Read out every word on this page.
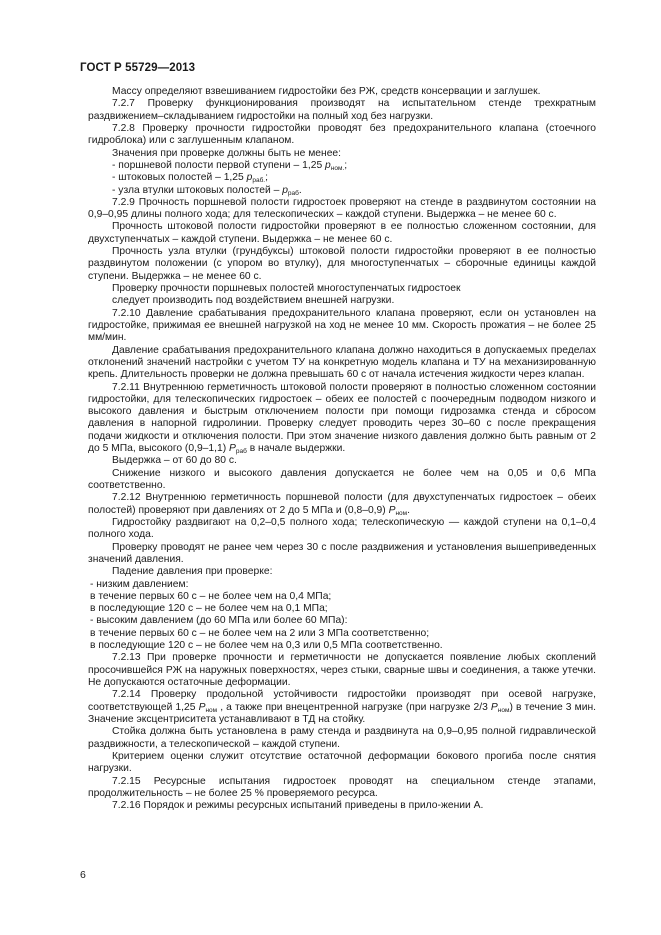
ГОСТ Р 55729—2013

Массу определяют взвешиванием гидростойки без РЖ, средств консервации и заглушек.

7.2.7 Проверку функционирования производят на испытательном стенде трехкратным раздвижением–складыванием гидростойки на полный ход без нагрузки.

7.2.8 Проверку прочности гидростойки проводят без предохранительного клапана (стоечного гидроблока) или с заглушенным клапаном.

Значения при проверке должны быть не менее:

- поршневой полости первой ступени – 1,25 $p_{ном.}$;

- штоковых полостей – 1,25 $p_{раб.}$;

- узла втулки штоковых полостей – $p_{раб}$.

7.2.9 Прочность поршневой полости гидростоек проверяют на стенде в раздвинутом состоянии на 0,9–0,95 длины полного хода; для телескопических – каждой ступени. Выдержка – не менее 60 с.

Прочность штоковой полости гидростойки проверяют в ее полностью сложенном состоянии, для двухступенчатых – каждой ступени. Выдержка – не менее 60 с.

Прочность узла втулки (грундбуксы) штоковой полости гидростойки проверяют в ее полностью раздвинутом положении (с упором во втулку), для многоступенчатых – сборочные единицы каждой ступени. Выдержка – не менее 60 с.

Проверку прочности поршневых полостей многоступенчатых гидростоек

следует производить под воздействием внешней нагрузки.

7.2.10 Давление срабатывания предохранительного клапана проверяют, если он установлен на гидростойке, прижимая ее внешней нагрузкой на ход не менее 10 мм. Скорость прожатия – не более 25 мм/мин.

Давление срабатывания предохранительного клапана должно находиться в допускаемых пределах отклонений значений настройки с учетом ТУ на конкретную модель клапана и ТУ на механизированную крепь. Длительность проверки не должна превышать 60 с от начала истечения жидкости через клапан.

7.2.11 Внутреннюю герметичность штоковой полости проверяют в полностью сложенном состоянии гидростойки, для телескопических гидростоек – обеих ее полостей с поочередным подводом низкого и высокого давления и быстрым отключением полости при помощи гидрозамка стенда и сбросом давления в напорной гидролинии. Проверку следует проводить через 30–60 с после прекращения подачи жидкости и отключения полости. При этом значение низкого давления должно быть равным от 2 до 5 МПа, высокого (0,9–1,1) $P_{раб}$ в начале выдержки.

Выдержка – от 60 до 80 с.

Снижение низкого и высокого давления допускается не более чем на 0,05 и 0,6 МПа соответственно.

7.2.12 Внутреннюю герметичность поршневой полости (для двухступенчатых гидростоек – обеих полостей) проверяют при давлениях от 2 до 5 МПа и (0,8–0,9) $P_{ном}$.

Гидростойку раздвигают на 0,2–0,5 полного хода; телескопическую — каждой ступени на 0,1–0,4 полного хода.

Проверку проводят не ранее чем через 30 с после раздвижения и установления вышеприведенных значений давления.

Падение давления при проверке:

- низким давлением:

в течение первых 60 с – не более чем на 0,4 МПа;

в последующие 120 с – не более чем на 0,1 МПа;

- высоким давлением (до 60 МПа или более 60 МПа):

в течение первых 60 с – не более чем на 2 или 3 МПа соответственно;

в последующие 120 с – не более чем на 0,3 или 0,5 МПа соответственно.

7.2.13 При проверке прочности и герметичности не допускается появление любых скоплений просочившейся РЖ на наружных поверхностях, через стыки, сварные швы и соединения, а также утечки. Не допускаются остаточные деформации.

7.2.14 Проверку продольной устойчивости гидростойки производят при осевой нагрузке, соответствующей 1,25 $P_{ном}$ , а также при внецентренной нагрузке (при нагрузке 2/3 $P_{ном}$) в течение 3 мин. Значение эксцентриситета устанавливают в ТД на стойку.

Стойка должна быть установлена в раму стенда и раздвинута на 0,9–0,95 полной гидравлической раздвижности, а телескопической – каждой ступени.

Критерием оценки служит отсутствие остаточной деформации бокового прогиба после снятия нагрузки.

7.2.15 Ресурсные испытания гидростоек проводят на специальном стенде этапами, продолжительность – не более 25 % проверяемого ресурса.

7.2.16 Порядок и режимы ресурсных испытаний приведены в прило-жении А.

6
